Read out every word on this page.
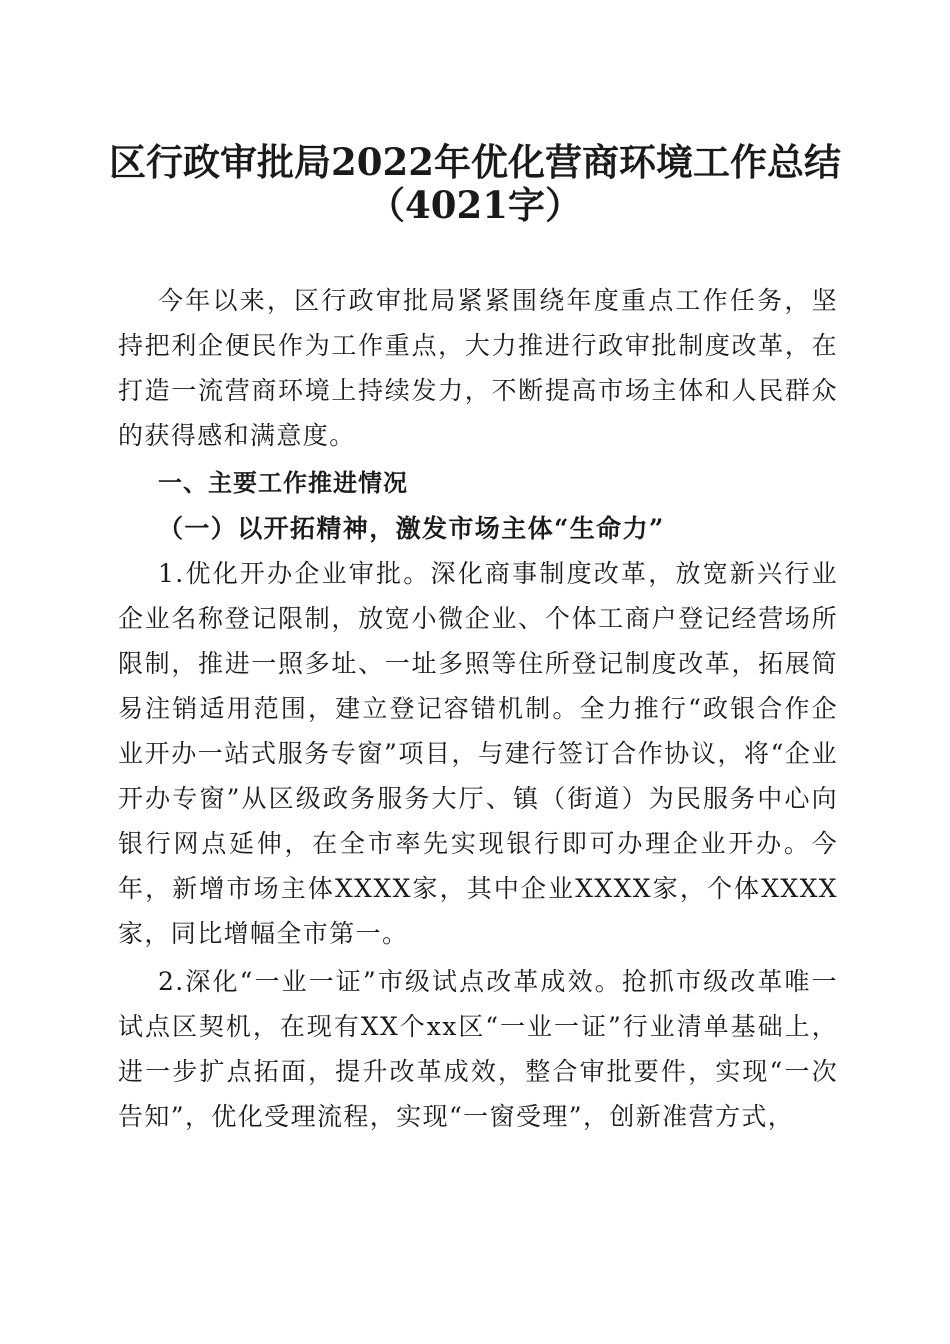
区行政审批局2022年优化营商环境工作总结
（4021字）

今年以来，区行政审批局紧紧围绕年度重点工作任务，坚持把利企便民作为工作重点，大力推进行政审批制度改革，在打造一流营商环境上持续发力，不断提高市场主体和人民群众的获得感和满意度。

一、主要工作推进情况

（一）以开拓精神，激发市场主体“生命力”

1.优化开办企业审批。深化商事制度改革，放宽新兴行业企业名称登记限制，放宽小微企业、个体工商户登记经营场所限制，推进一照多址、一址多照等住所登记制度改革，拓展简易注销适用范围，建立登记容错机制。全力推行“政银合作企业开办一站式服务专窗”项目，与建行签订合作协议，将“企业开办专窗”从区级政务服务大厅、镇（街道）为民服务中心向银行网点延伸，在全市率先实现银行即可办理企业开办。今年，新增市场主体XXXX家，其中企业XXXX家，个体XXXX家，同比增幅全市第一。

2.深化“一业一证”市级试点改革成效。抢抓市级改革唯一试点区契机，在现有XX个xx区“一业一证”行业清单基础上，进一步扩点拓面，提升改革成效，整合审批要件，实现“一次告知”，优化受理流程，实现“一窗受理”，创新准营方式，
